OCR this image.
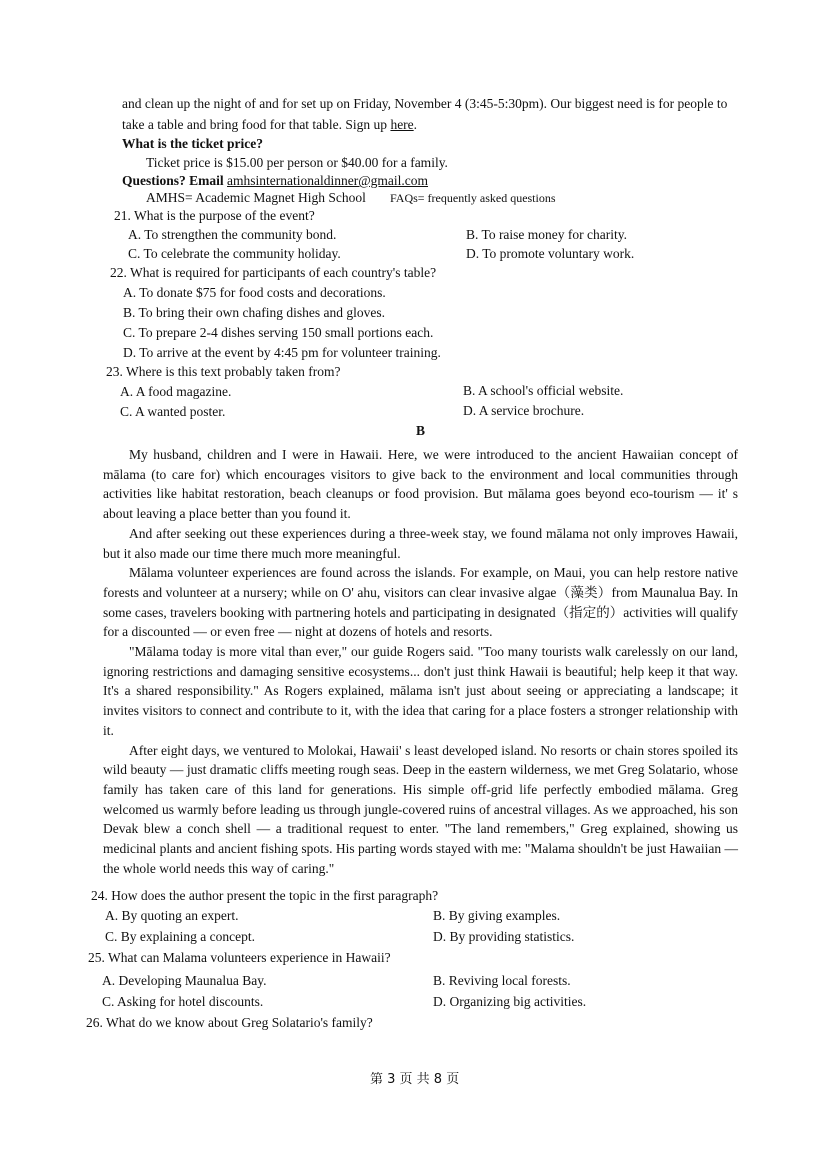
and clean up the night of and for set up on Friday, November 4 (3:45-5:30pm). Our biggest need is for people to
take a table and bring food for that table. Sign up here.
What is the ticket price?
Ticket price is $15.00 per person or $40.00 for a family.
Questions? Email amhsinternationaldinner@gmail.com
AMHS= Academic Magnet High School FAQs= frequently asked questions
21. What is the purpose of the event?
A. To strengthen the community bond.	B. To raise money for charity.
C. To celebrate the community holiday.	D. To promote voluntary work.
22. What is required for participants of each country's table?
A. To donate $75 for food costs and decorations.
B. To bring their own chafing dishes and gloves.
C. To prepare 2-4 dishes serving 150 small portions each.
D. To arrive at the event by 4:45 pm for volunteer training.
23. Where is this text probably taken from?
A. A food magazine.	B. A school's official website.
C. A wanted poster.	D. A service brochure.
B

My husband, children and I were in Hawaii. Here, we were introduced to the ancient Hawaiian concept of mālama (to care for) which encourages visitors to give back to the environment and local communities through activities like habitat restoration, beach cleanups or food provision. But mālama goes beyond eco-tourism — it' s about leaving a place better than you found it.

And after seeking out these experiences during a three-week stay, we found mālama not only improves Hawaii, but it also made our time there much more meaningful.

Mālama volunteer experiences are found across the islands. For example, on Maui, you can help restore native forests and volunteer at a nursery; while on O' ahu, visitors can clear invasive algae（藻类）from Maunalua Bay. In some cases, travelers booking with partnering hotels and participating in designated（指定的）activities will qualify for a discounted — or even free — night at dozens of hotels and resorts.

"Mālama today is more vital than ever," our guide Rogers said. "Too many tourists walk carelessly on our land, ignoring restrictions and damaging sensitive ecosystems... don't just think Hawaii is beautiful; help keep it that way. It's a shared responsibility." As Rogers explained, mālama isn't just about seeing or appreciating a landscape; it invites visitors to connect and contribute to it, with the idea that caring for a place fosters a stronger relationship with it.

After eight days, we ventured to Molokai, Hawaii' s least developed island. No resorts or chain stores spoiled its wild beauty — just dramatic cliffs meeting rough seas. Deep in the eastern wilderness, we met Greg Solatario, whose family has taken care of this land for generations. His simple off-grid life perfectly embodied mālama. Greg welcomed us warmly before leading us through jungle-covered ruins of ancestral villages. As we approached, his son Devak blew a conch shell — a traditional request to enter. "The land remembers," Greg explained, showing us medicinal plants and ancient fishing spots. His parting words stayed with me: "Malama shouldn't be just Hawaiian — the whole world needs this way of caring."

24. How does the author present the topic in the first paragraph?
A. By quoting an expert.	B. By giving examples.
C. By explaining a concept.	D. By providing statistics.
25. What can Malama volunteers experience in Hawaii?
A. Developing Maunalua Bay.	B. Reviving local forests.
C. Asking for hotel discounts.	D. Organizing big activities.
26. What do we know about Greg Solatario's family?
第 3 页 共 8 页
